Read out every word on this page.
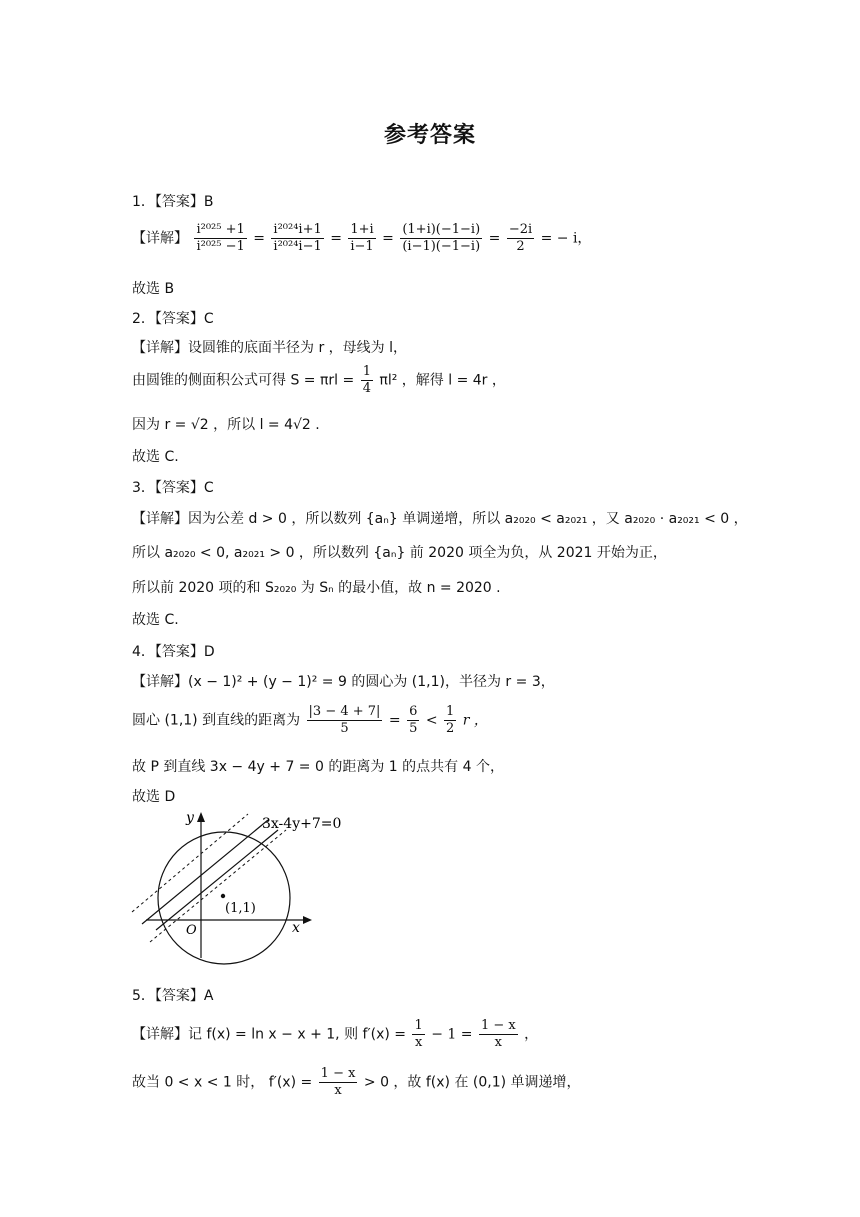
参考答案
1．【答案】B
【详解】 $\frac{\text{i²⁰²⁵ +1}}{\text{i²⁰²⁵ −1}} = \frac{\text{i²⁰²⁴i+1}}{\text{i²⁰²⁴i−1}} = \frac{1+i}{i-1} = \frac{(1+i)(-1-i)}{(i-1)(-1-i)} = \frac{-2i}{2}$ = − i，
故选 B
2．【答案】C
【详解】设圆锥的底面半径为 r ，母线为 l，
由圆锥的侧面积公式可得 $S = \pi rl = \frac{1}{4} \pi l^2$ ，解得 l = 4r ，
因为 r = √2 ，所以 l = 4√2 .
故选 C.
3．【答案】C
【详解】因为公差 d > 0 ，所以数列 {aₙ} 单调递增，所以 a₂₀₂₀ < a₂₀₂₁ ，又 a₂₀₂₀ · a₂₀₂₁ < 0 ，
所以 a₂₀₂₀ < 0, a₂₀₂₁ > 0 ，所以数列 {aₙ} 前 2020 项全为负，从 2021 开始为正，
所以前 2020 项的和 S₂₀₂₀ 为 Sₙ 的最小值，故 n = 2020 .
故选 C.
4．【答案】D
【详解】(x − 1)² + (y − 1)² = 9 的圆心为 (1,1)，半径为 r = 3，
圆心 (1,1) 到直线的距离为 $\frac{|3 - 4 + 7|}{5} = \frac{6}{5} < \frac{1}{2}$ r ，
故 P 到直线 3x − 4y + 7 = 0 的距离为 1 的点共有 4 个，
故选 D
3x-4y+7=0
(1,1)
O	x
y
5．【答案】A
【详解】记 f(x) = ln x − x + 1, 则 $f'(x) = \frac{1}{x} - 1 = \frac{1 - x}{x}$ ，
故当 0 < x < 1 时， $f'(x) = \frac{1 - x}{x} > 0$ ，故 f(x) 在 (0,1) 单调递增，
